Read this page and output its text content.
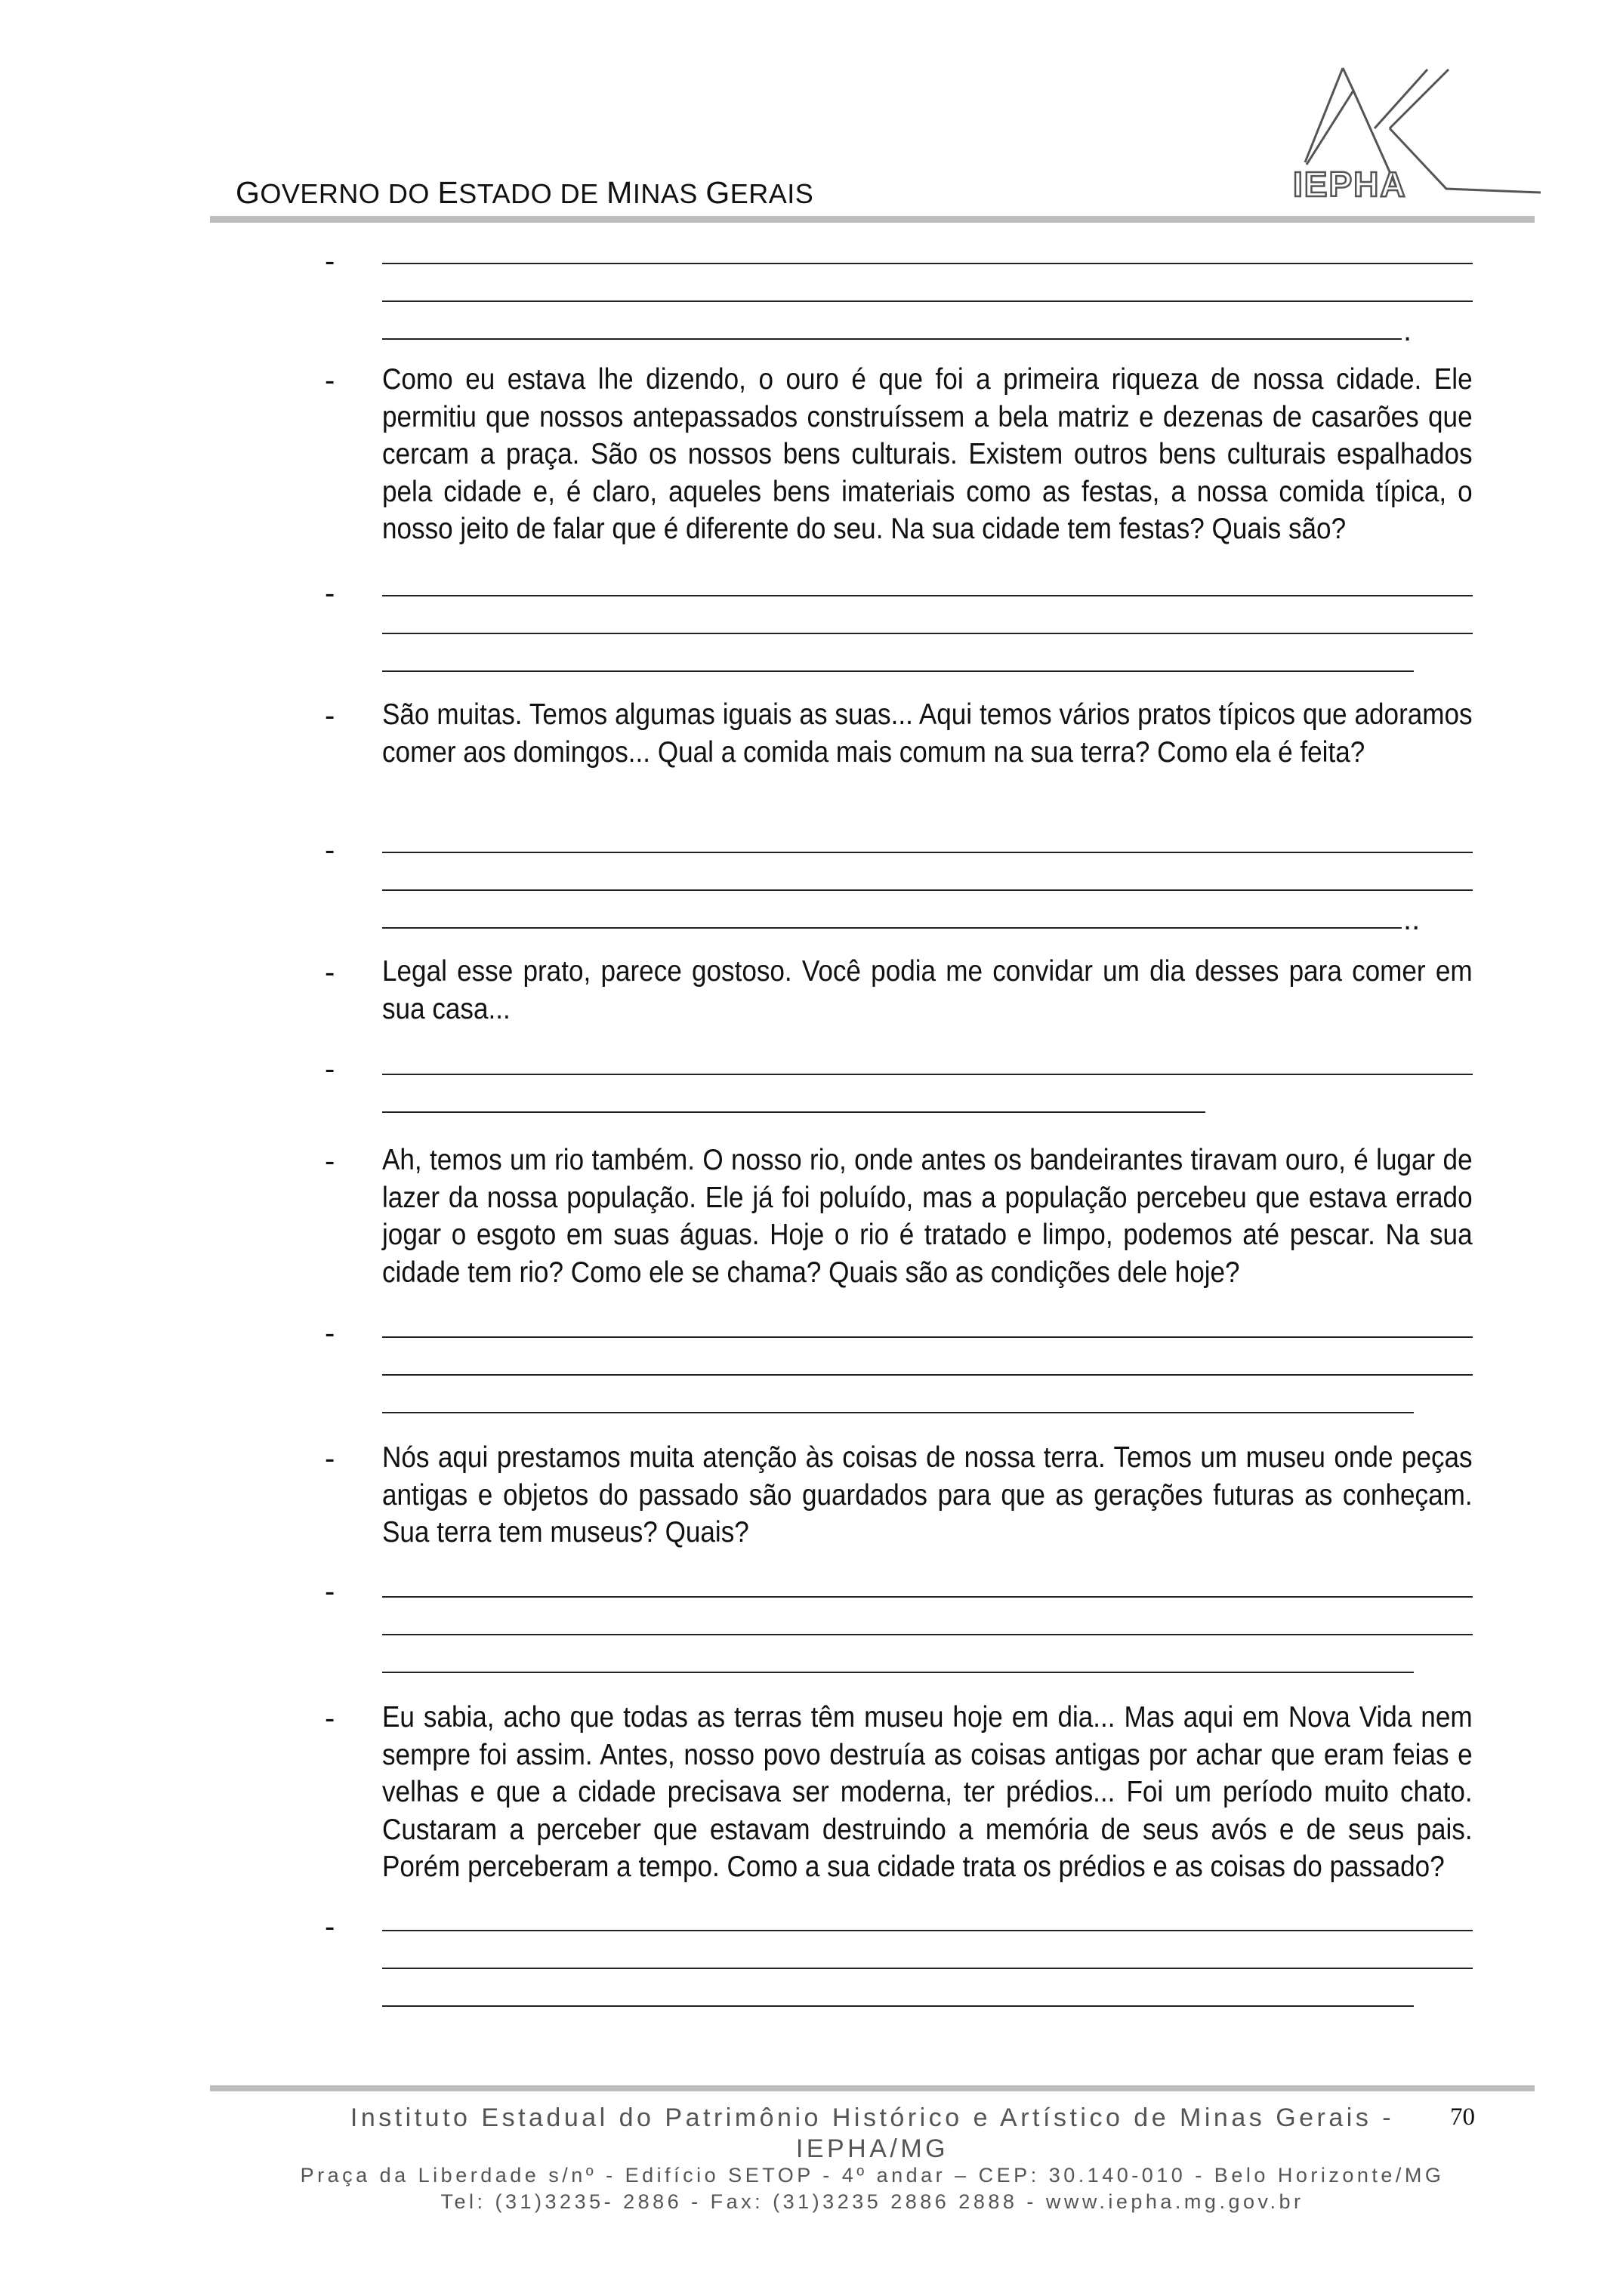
GOVERNO DO ESTADO DE MINAS GERAIS	IEPHA
-
.
- Como eu estava lhe dizendo, o ouro é que foi a primeira riqueza de nossa cidade. Ele permitiu que nossos antepassados construíssem a bela matriz e dezenas de casarões que cercam a praça. São os nossos bens culturais. Existem outros bens culturais espalhados pela cidade e, é claro, aqueles bens imateriais como as festas, a nossa comida típica, o nosso jeito de falar que é diferente do seu. Na sua cidade tem festas? Quais são?
-
- São muitas. Temos algumas iguais as suas... Aqui temos vários pratos típicos que adoramos comer aos domingos... Qual a comida mais comum na sua terra? Como ela é feita?
-
..
- Legal esse prato, parece gostoso. Você podia me convidar um dia desses para comer em sua casa...
-
- Ah, temos um rio também. O nosso rio, onde antes os bandeirantes tiravam ouro, é lugar de lazer da nossa população. Ele já foi poluído, mas a população percebeu que estava errado jogar o esgoto em suas águas. Hoje o rio é tratado e limpo, podemos até pescar. Na sua cidade tem rio? Como ele se chama? Quais são as condições dele hoje?
-
- Nós aqui prestamos muita atenção às coisas de nossa terra. Temos um museu onde peças antigas e objetos do passado são guardados para que as gerações futuras as conheçam. Sua terra tem museus? Quais?
-
- Eu sabia, acho que todas as terras têm museu hoje em dia... Mas aqui em Nova Vida nem sempre foi assim. Antes, nosso povo destruía as coisas antigas por achar que eram feias e velhas e que a cidade precisava ser moderna, ter prédios... Foi um período muito chato. Custaram a perceber que estavam destruindo a memória de seus avós e de seus pais. Porém perceberam a tempo. Como a sua cidade trata os prédios e as coisas do passado?
-
Instituto Estadual do Patrimônio Histórico e Artístico de Minas Gerais -
IEPHA/MG
Praça da Liberdade s/nº - Edifício SETOP - 4º andar – CEP: 30.140-010 - Belo Horizonte/MG
Tel: (31)3235- 2886 - Fax: (31)3235 2886 2888 - www.iepha.mg.gov.br
70
